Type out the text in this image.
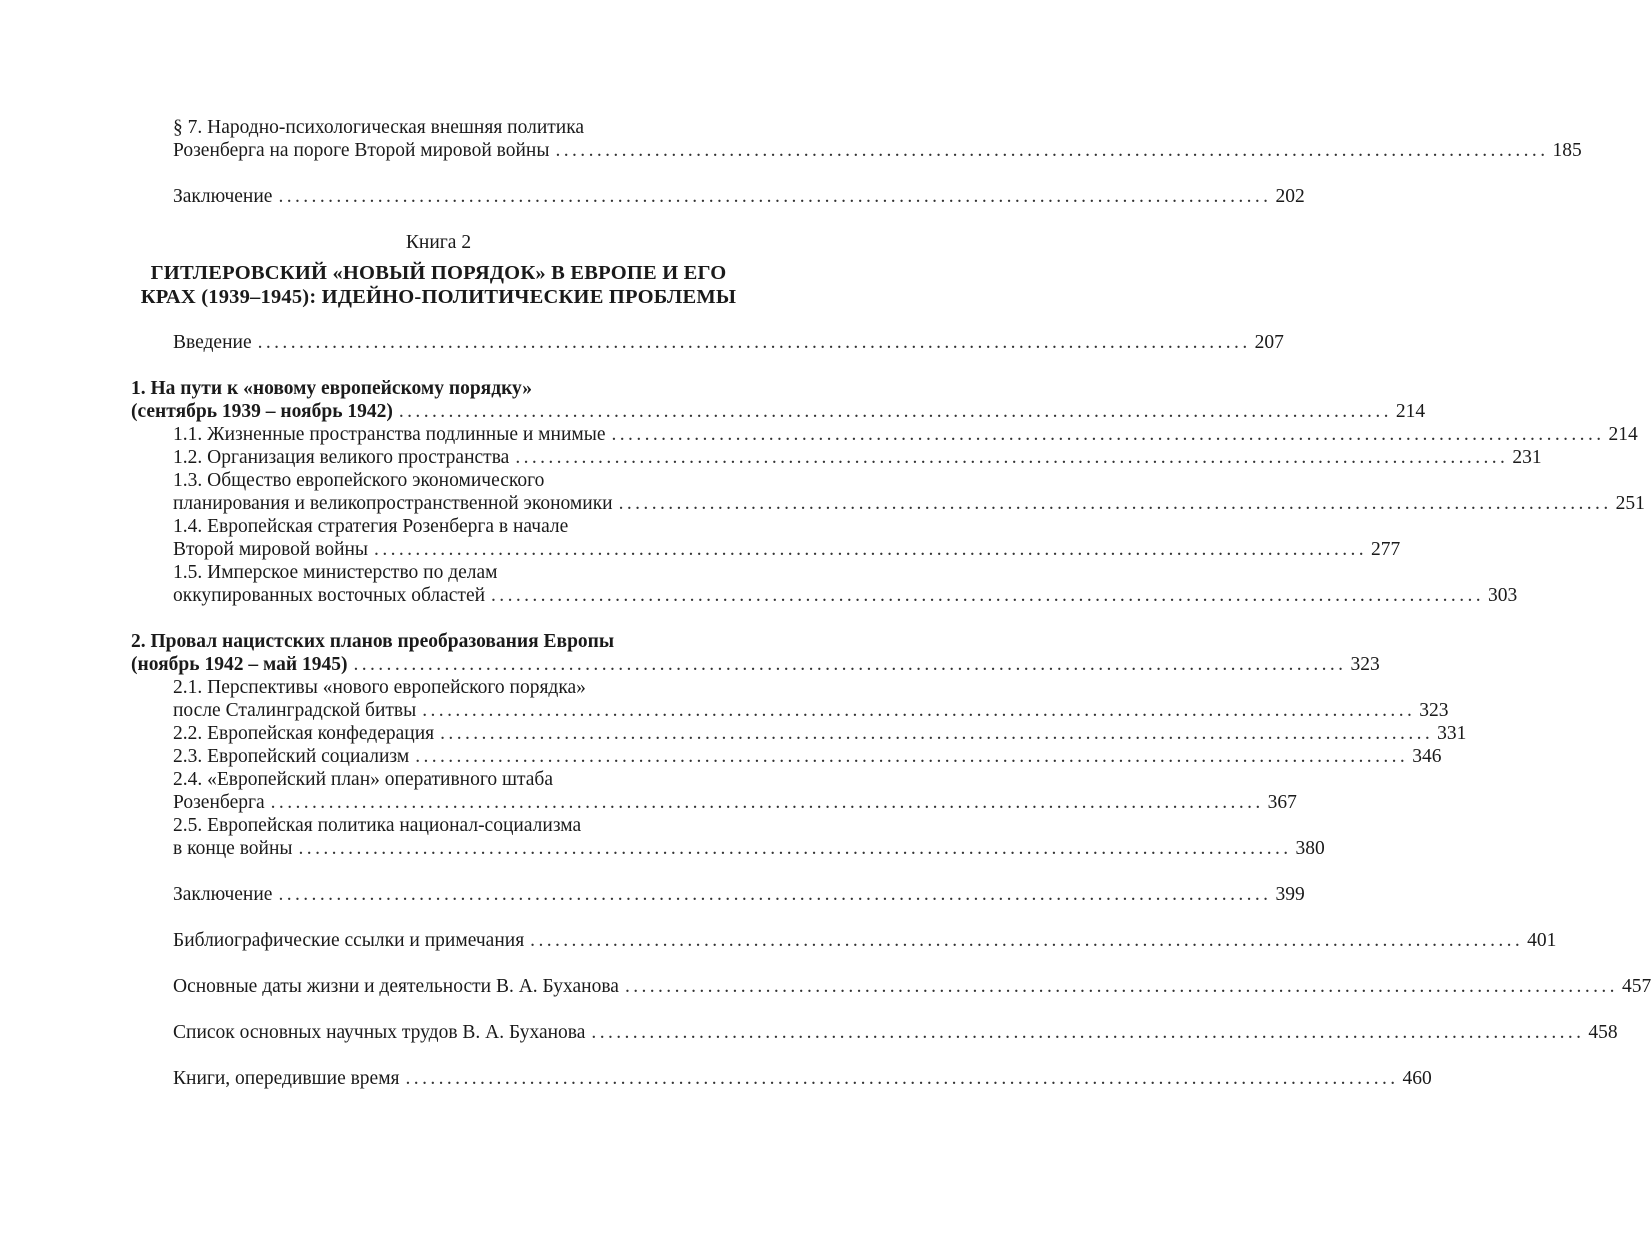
§ 7. Народно-психологическая внешняя политика
Розенберга на пороге Второй мировой войны ........................................................................................................................ 185
Заключение ........................................................................................................................ 202
Книга 2
ГИТЛЕРОВСКИЙ «НОВЫЙ ПОРЯДОК» В ЕВРОПЕ И ЕГО
КРАХ (1939–1945): ИДЕЙНО-ПОЛИТИЧЕСКИЕ ПРОБЛЕМЫ
Введение ........................................................................................................................ 207
1. На пути к «новому европейскому порядку»
(сентябрь 1939 – ноябрь 1942) ........................................................................................................................ 214
1.1. Жизненные пространства подлинные и мнимые ........................................................................................................................ 214
1.2. Организация великого пространства ........................................................................................................................ 231
1.3. Общество европейского экономического
планирования и великопространственной экономики ........................................................................................................................ 251
1.4. Европейская стратегия Розенберга в начале
Второй мировой войны ........................................................................................................................ 277
1.5. Имперское министерство по делам
оккупированных восточных областей ........................................................................................................................ 303
2. Провал нацистских планов преобразования Европы
(ноябрь 1942 – май 1945) ........................................................................................................................ 323
2.1. Перспективы «нового европейского порядка»
после Сталинградской битвы ........................................................................................................................ 323
2.2. Европейская конфедерация ........................................................................................................................ 331
2.3. Европейский социализм ........................................................................................................................ 346
2.4. «Европейский план» оперативного штаба
Розенберга ........................................................................................................................ 367
2.5. Европейская политика национал-социализма
в конце войны ........................................................................................................................ 380
Заключение ........................................................................................................................ 399
Библиографические ссылки и примечания ........................................................................................................................ 401
Основные даты жизни и деятельности В. А. Буханова ........................................................................................................................ 457
Список основных научных трудов В. А. Буханова ........................................................................................................................ 458
Книги, опередившие время ........................................................................................................................ 460
